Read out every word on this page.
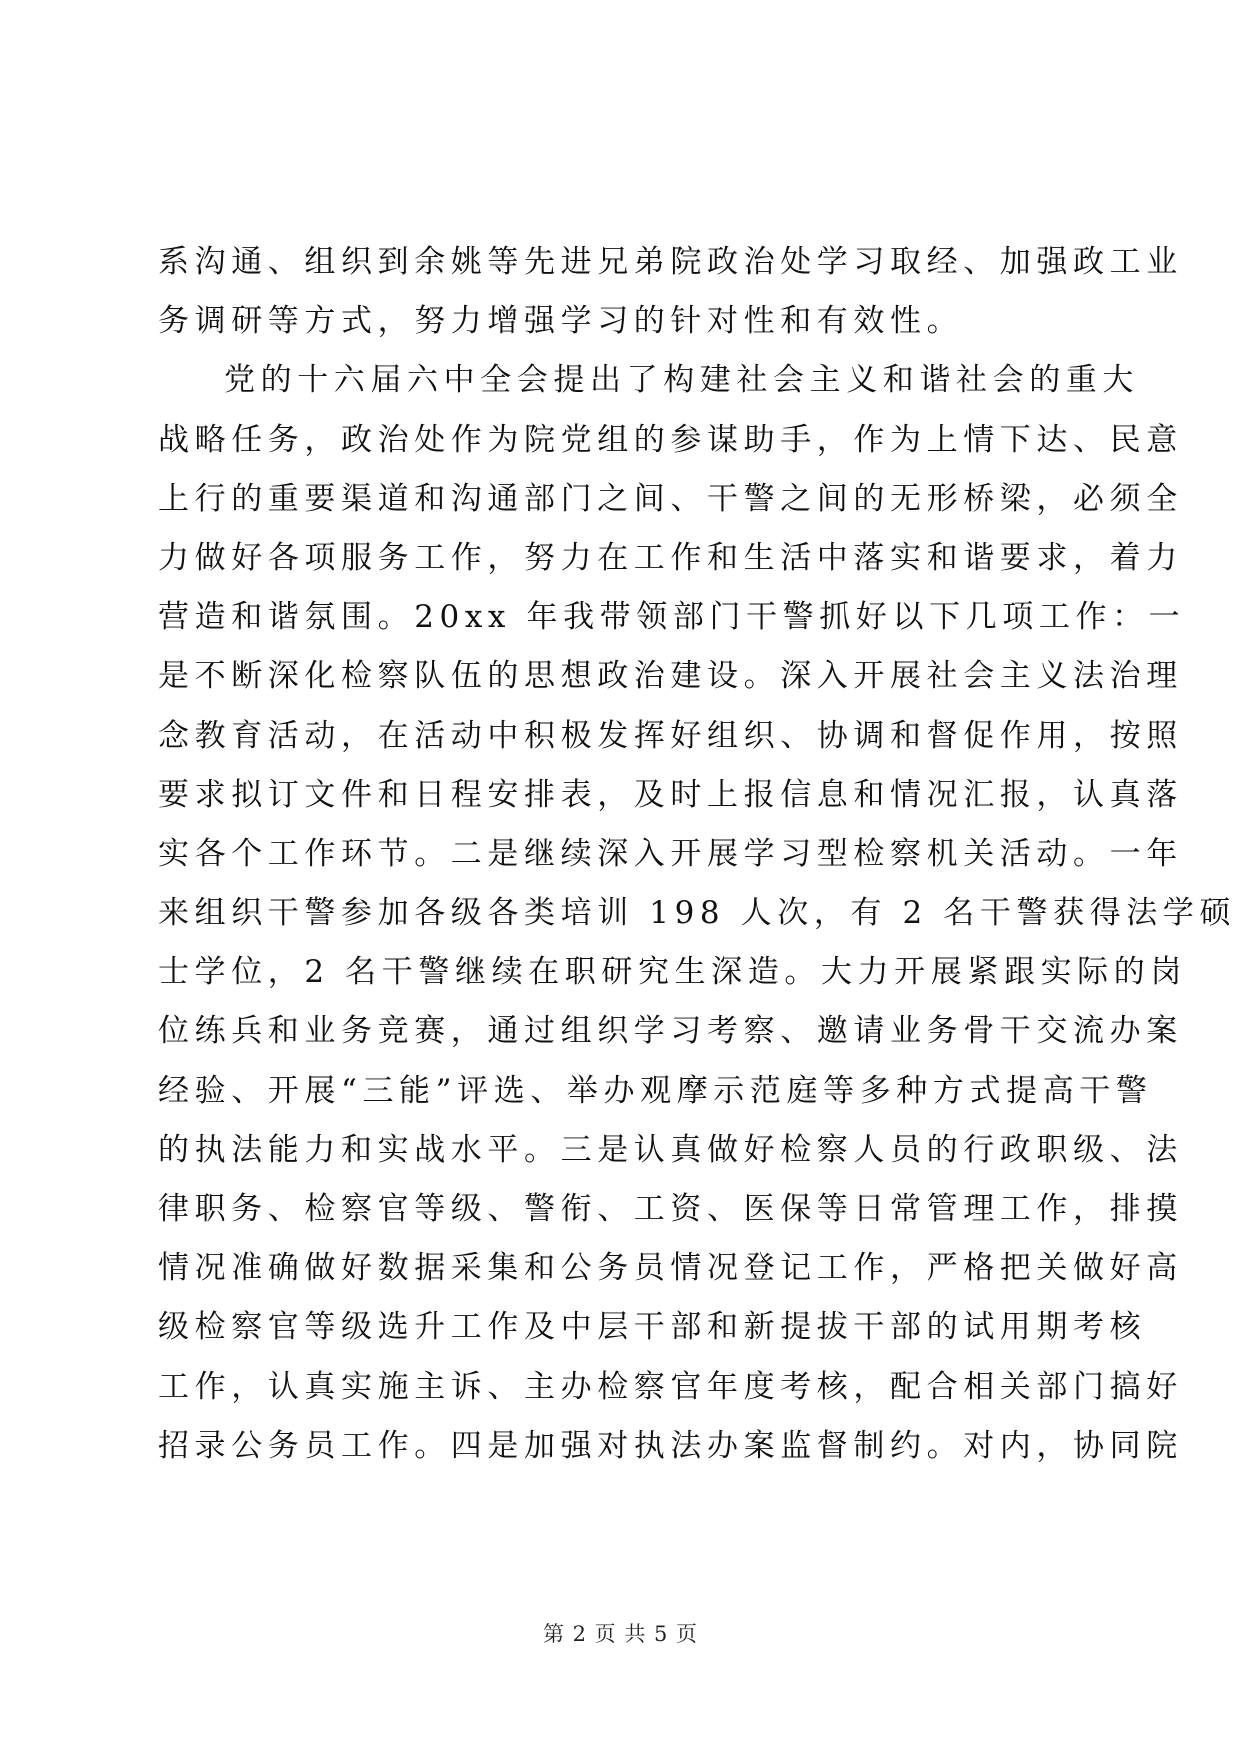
系沟通、组织到余姚等先进兄弟院政治处学习取经、加强政工业
务调研等方式，努力增强学习的针对性和有效性。
党的十六届六中全会提出了构建社会主义和谐社会的重大
战略任务，政治处作为院党组的参谋助手，作为上情下达、民意
上行的重要渠道和沟通部门之间、干警之间的无形桥梁，必须全
力做好各项服务工作，努力在工作和生活中落实和谐要求，着力
营造和谐氛围。20xx 年我带领部门干警抓好以下几项工作：一
是不断深化检察队伍的思想政治建设。深入开展社会主义法治理
念教育活动，在活动中积极发挥好组织、协调和督促作用，按照
要求拟订文件和日程安排表，及时上报信息和情况汇报，认真落
实各个工作环节。二是继续深入开展学习型检察机关活动。一年
来组织干警参加各级各类培训 198 人次，有 2 名干警获得法学硕
士学位，2 名干警继续在职研究生深造。大力开展紧跟实际的岗
位练兵和业务竞赛，通过组织学习考察、邀请业务骨干交流办案
经验、开展“三能”评选、举办观摩示范庭等多种方式提高干警
的执法能力和实战水平。三是认真做好检察人员的行政职级、法
律职务、检察官等级、警衔、工资、医保等日常管理工作，排摸
情况准确做好数据采集和公务员情况登记工作，严格把关做好高
级检察官等级选升工作及中层干部和新提拔干部的试用期考核
工作，认真实施主诉、主办检察官年度考核，配合相关部门搞好
招录公务员工作。四是加强对执法办案监督制约。对内，协同院
第 2 页 共 5 页
